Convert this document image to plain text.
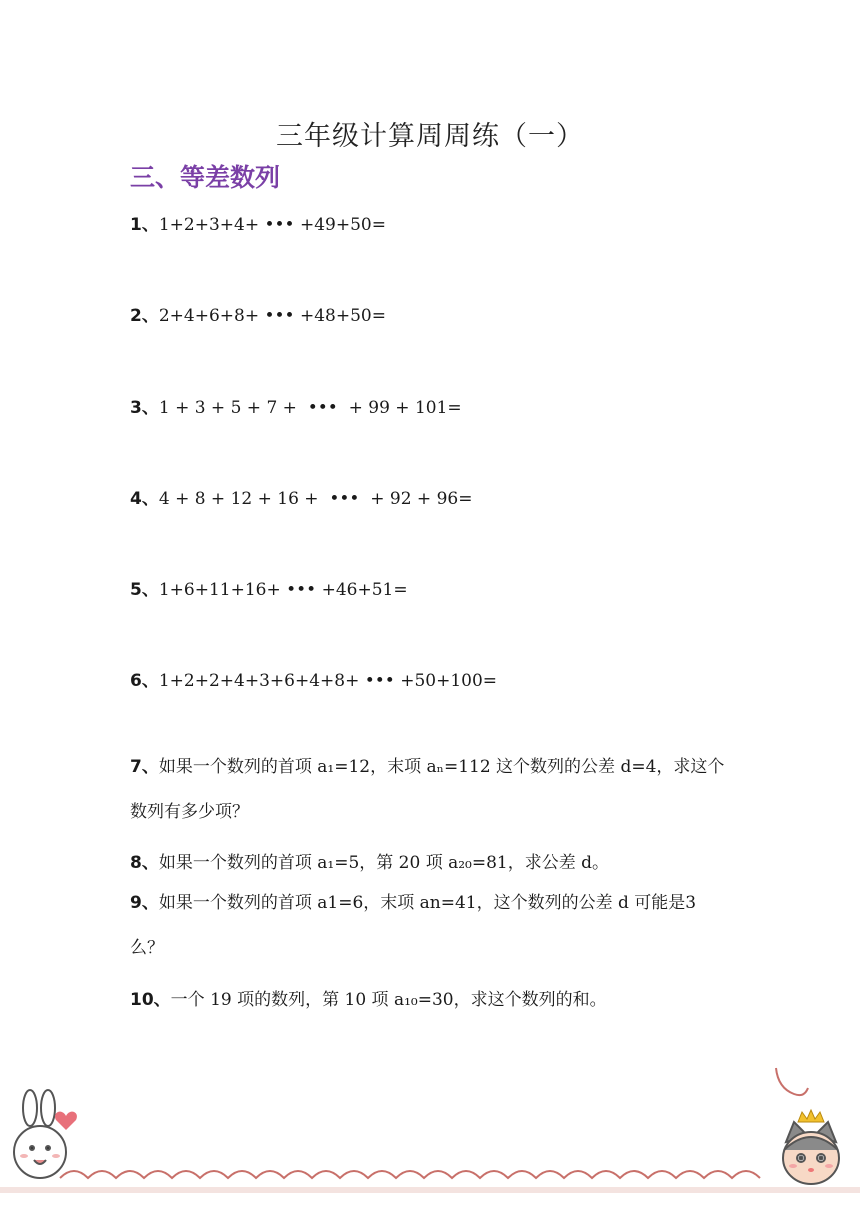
三年级计算周周练（一）
三、等差数列
1、1+2+3+4+ ••• +49+50=
2、2+4+6+8+ ••• +48+50=
3、1 + 3 + 5 + 7 +  •••  + 99 + 101=
4、4 + 8 + 12 + 16 +  •••  + 92 + 96=
5、1+6+11+16+ ••• +46+51=
6、1+2+2+4+3+6+4+8+ ••• +50+100=
7、如果一个数列的首项 a₁=12，末项 aₙ=112 这个数列的公差 d=4，求这个数列有多少项？
8、如果一个数列的首项 a₁=5，第 20 项 a₂₀=81，求公差 d。
9、如果一个数列的首项 a1=6，末项 an=41，这个数列的公差 d 可能是3 么？
10、一个 19 项的数列，第 10 项 a₁₀=30，求这个数列的和。
